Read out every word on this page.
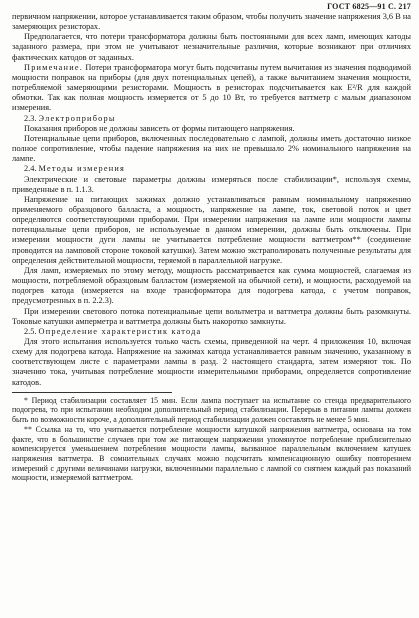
ГОСТ 6825—91 С. 217

первичном напряжении, которое устанавливается таким образом, чтобы получить значение напряжения 3,6 В на замеряющих резисторах.

Предполагается, что потери трансформатора должны быть постоянными для всех ламп, имеющих катоды заданного размера, при этом не учитывают незначительные различия, которые возникают при отличиях фактических катодов от заданных.

Примечание. Потери трансформатора могут быть подсчитаны путем вычитания из значения подводимой мощности поправок на приборы (для двух потенциальных цепей), а также вычитанием значения мощности, потребляемой замеряющими резисторами. Мощность в резисторах подсчитывается как E²/R для каждой обмотки. Так как полная мощность измеряется от 5 до 10 Вт, то требуется ваттметр с малым диапазоном измерения.

2.3. Электроприборы

Показания приборов не должны зависеть от формы питающего напряжения.

Потенциальные цепи приборов, включенных последовательно с лампой, должны иметь достаточно низкое полное сопротивление, чтобы падение напряжения на них не превышало 2% номинального напряжения на лампе.

2.4. Методы измерения

Электрические и световые параметры должны измеряться после стабилизации*, используя схемы, приведенные в п. 1.1.3.

Напряжение на питающих зажимах должно устанавливаться равным номинальному напряжению применяемого образцового балласта, а мощность, напряжение на лампе, ток, световой поток и цвет определяются соответствующими приборами. При измерении напряжения на лампе или мощности лампы потенциальные цепи приборов, не используемые в данном измерении, должны быть отключены. При измерении мощности дуги лампы не учитывается потребление мощности ваттметром** (соединение проводится на ламповой стороне токовой катушки). Затем можно экстраполировать полученные результаты для определения действительной мощности, теряемой в параллельной нагрузке.

Для ламп, измеряемых по этому методу, мощность рассматривается как сумма мощностей, слагаемая из мощности, потребляемой образцовым балластом (измеряемой на обычной сети), и мощности, расходуемой на подогрев катода (измеряется на входе трансформатора для подогрева катода, с учетом поправок, предусмотренных в п. 2.2.3).

При измерении светового потока потенциальные цепи вольтметра и ваттметра должны быть разомкнуты. Токовые катушки амперметра и ваттметра должны быть накоротко замкнуты.

2.5. Определение характеристик катода

Для этого испытания используется только часть схемы, приведенной на черт. 4 приложения 10, включая схему для подогрева катода. Напряжение на зажимах катода устанавливается равным значению, указанному в соответствующем листе с параметрами лампы в разд. 2 настоящего стандарта, затем измеряют ток. По значению тока, учитывая потребление мощности измерительными приборами, определяется сопротивление катодов.

* Период стабилизации составляет 15 мин. Если лампа поступает на испытание со стенда предварительного подогрева, то при испытании необходим дополнительный период стабилизации. Перерыв в питании лампы должен быть по возможности короче, а дополнительный период стабилизации должен составлять не менее 5 мин.

** Ссылка на то, что учитывается потребление мощности катушкой напряжения ваттметра, основана на том факте, что в большинстве случаев при том же питающем напряжении упомянутое потребление приблизительно компенсируется уменьшением потребления мощности лампы, вызванное параллельным включением катушек напряжения ваттметра. В сомнительных случаях можно подсчитать компенсационную ошибку повторением измерений с другими величинами нагрузки, включенными параллельно с лампой со снятием каждый раз показаний мощности, измеряемой ваттметром.
